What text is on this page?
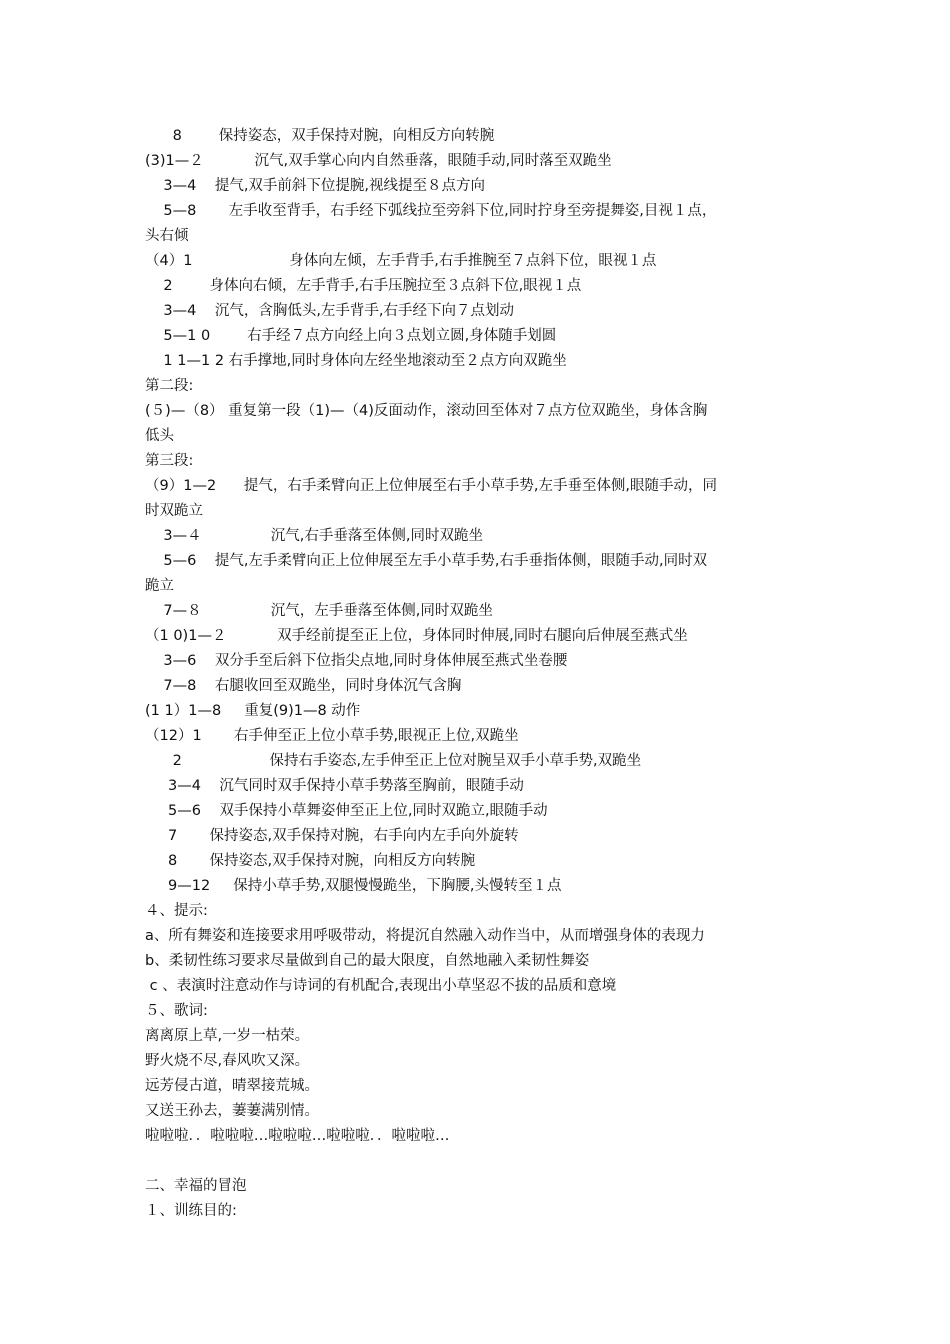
8        保持姿态，双手保持对腕，向相反方向转腕
(3)1—２           沉气,双手掌心向内自然垂落，眼随手动,同时落至双跪坐
3—4    提气,双手前斜下位提腕,视线提至８点方向
5—8       左手收至背手，右手经下弧线拉至旁斜下位,同时拧身至旁提舞姿,目视１点，
头右倾
（4）1                     身体向左倾，左手背手,右手推腕至７点斜下位，眼视１点
2        身体向右倾，左手背手,右手压腕拉至３点斜下位,眼视１点
3—4    沉气，含胸低头,左手背手,右手经下向７点划动
5—1 0        右手经７点方向经上向３点划立圆,身体随手划圆
1 1—1 2 右手撑地,同时身体向左经坐地滚动至２点方向双跪坐
第二段:
(５)—（8） 重复第一段（1)—（4)反面动作，滚动回至体对７点方位双跪坐，身体含胸
低头
第三段:
（9）1—2      提气，右手柔臂向正上位伸展至右手小草手势,左手垂至体侧,眼随手动，同
时双跪立
3—４               沉气,右手垂落至体侧,同时双跪坐
5—6    提气,左手柔臂向正上位伸展至左手小草手势,右手垂指体侧，眼随手动,同时双
跪立
7—８               沉气，左手垂落至体侧,同时双跪坐
（1 0)1—２           双手经前提至正上位，身体同时伸展,同时右腿向后伸展至燕式坐
3—6    双分手至后斜下位指尖点地,同时身体伸展至燕式坐卷腰
7—8    右腿收回至双跪坐，同时身体沉气含胸
(1 1）1—8     重复(9)1—8 动作
（12）1       右手伸至正上位小草手势,眼视正上位,双跪坐
2                   保持右手姿态,左手伸至正上位对腕呈双手小草手势,双跪坐
3—4    沉气同时双手保持小草手势落至胸前，眼随手动
5—6    双手保持小草舞姿伸至正上位,同时双跪立,眼随手动
7       保持姿态,双手保持对腕，右手向内左手向外旋转
8       保持姿态,双手保持对腕，向相反方向转腕
9—12     保持小草手势,双腿慢慢跪坐，下胸腰,头慢转至１点
４、提示:
a、所有舞姿和连接要求用呼吸带动，将提沉自然融入动作当中，从而增强身体的表现力
b、柔韧性练习要求尽量做到自己的最大限度，自然地融入柔韧性舞姿
c 、表演时注意动作与诗词的有机配合,表现出小草坚忍不拔的品质和意境
５、歌词:
离离原上草,一岁一枯荣。
野火烧不尽,春风吹又深。
远芳侵古道，晴翠接荒城。
又送王孙去，萋萋满别情。
啦啦啦．．啦啦啦…啦啦啦…啦啦啦．．啦啦啦…
二、幸福的冒泡
１、训练目的:
